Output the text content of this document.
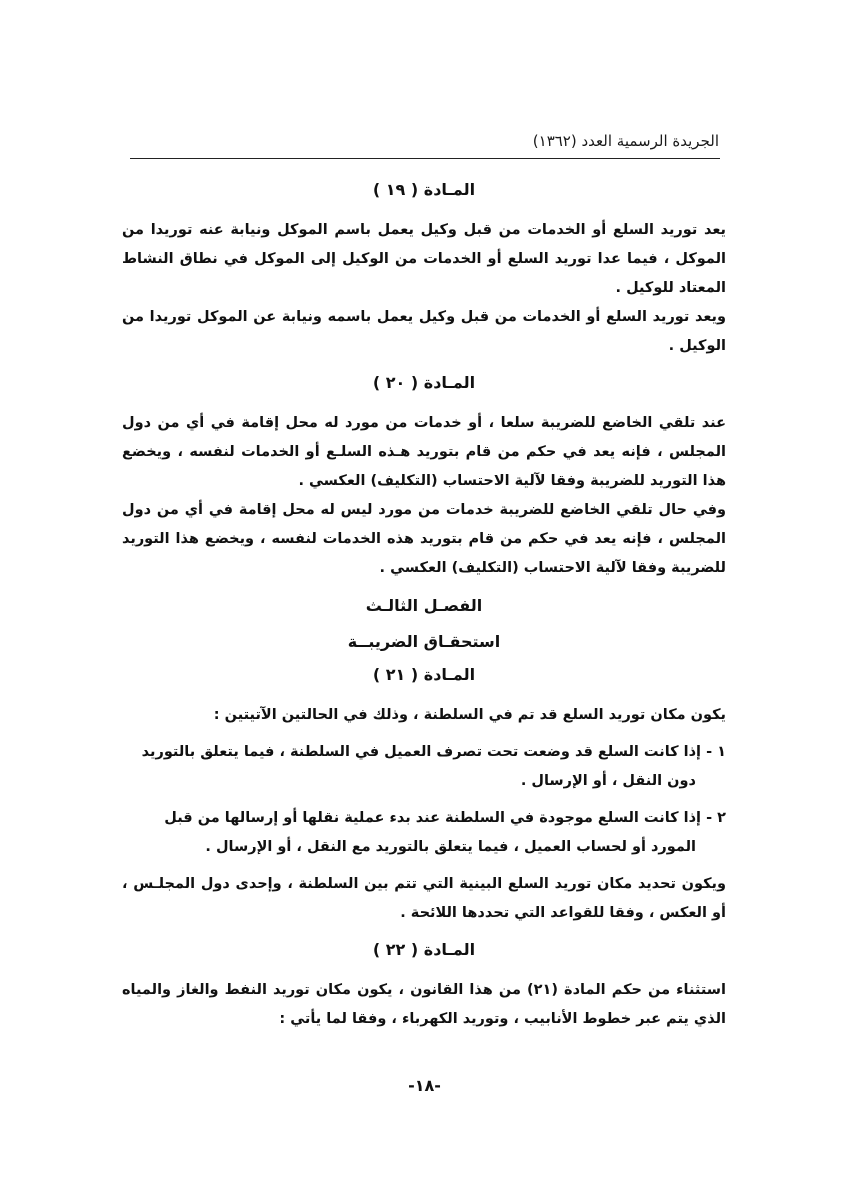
الجريدة الرسمية العدد (١٣٦٢)
المـادة ( ١٩ )

يعد توريد السلع أو الخدمات من قبل وكيل يعمل باسم الموكل ونيابة عنه توريدا من الموكل ، فيما عدا توريد السلع أو الخدمات من الوكيل إلى الموكل في نطاق النشاط المعتاد للوكيل .

ويعد توريد السلع أو الخدمات من قبل وكيل يعمل باسمه ونيابة عن الموكل توريدا من الوكيل .

المـادة ( ٢٠ )

عند تلقي الخاضع للضريبة سلعا ، أو خدمات من مورد له محل إقامة في أي من دول المجلس ، فإنه يعد في حكم من قام بتوريد هـذه السلـع أو الخدمات لنفسه ، ويخضع هذا التوريد للضريبة وفقا لآلية الاحتساب (التكليف) العكسي .

وفي حال تلقي الخاضع للضريبة خدمات من مورد ليس له محل إقامة في أي من دول المجلس ، فإنه يعد في حكم من قام بتوريد هذه الخدمات لنفسه ، ويخضع هذا التوريد للضريبة وفقا لآلية الاحتساب (التكليف) العكسي .

الفصـل الثالـث
استحقـاق الضريبــة
المـادة ( ٢١ )

يكون مكان توريد السلع قد تم في السلطنة ، وذلك في الحالتين الآتيتين :

١ - إذا كانت السلع قد وضعت تحت تصرف العميل في السلطنة ، فيما يتعلق بالتوريد
دون النقل ، أو الإرسال .
٢ - إذا كانت السلع موجودة في السلطنة عند بدء عملية نقلها أو إرسالها من قبل
المورد أو لحساب العميل ، فيما يتعلق بالتوريد مع النقل ، أو الإرسال .

ويكون تحديد مكان توريد السلع البينية التي تتم بين السلطنة ، وإحدى دول المجلـس ، أو العكس ، وفقا للقواعد التي تحددها اللائحة .

المـادة ( ٢٢ )

استثناء من حكم المادة (٢١) من هذا القانون ، يكون مكان توريد النفط والغاز والمياه الذي يتم عبر خطوط الأنابيب ، وتوريد الكهرباء ، وفقا لما يأتي :

-١٨-
